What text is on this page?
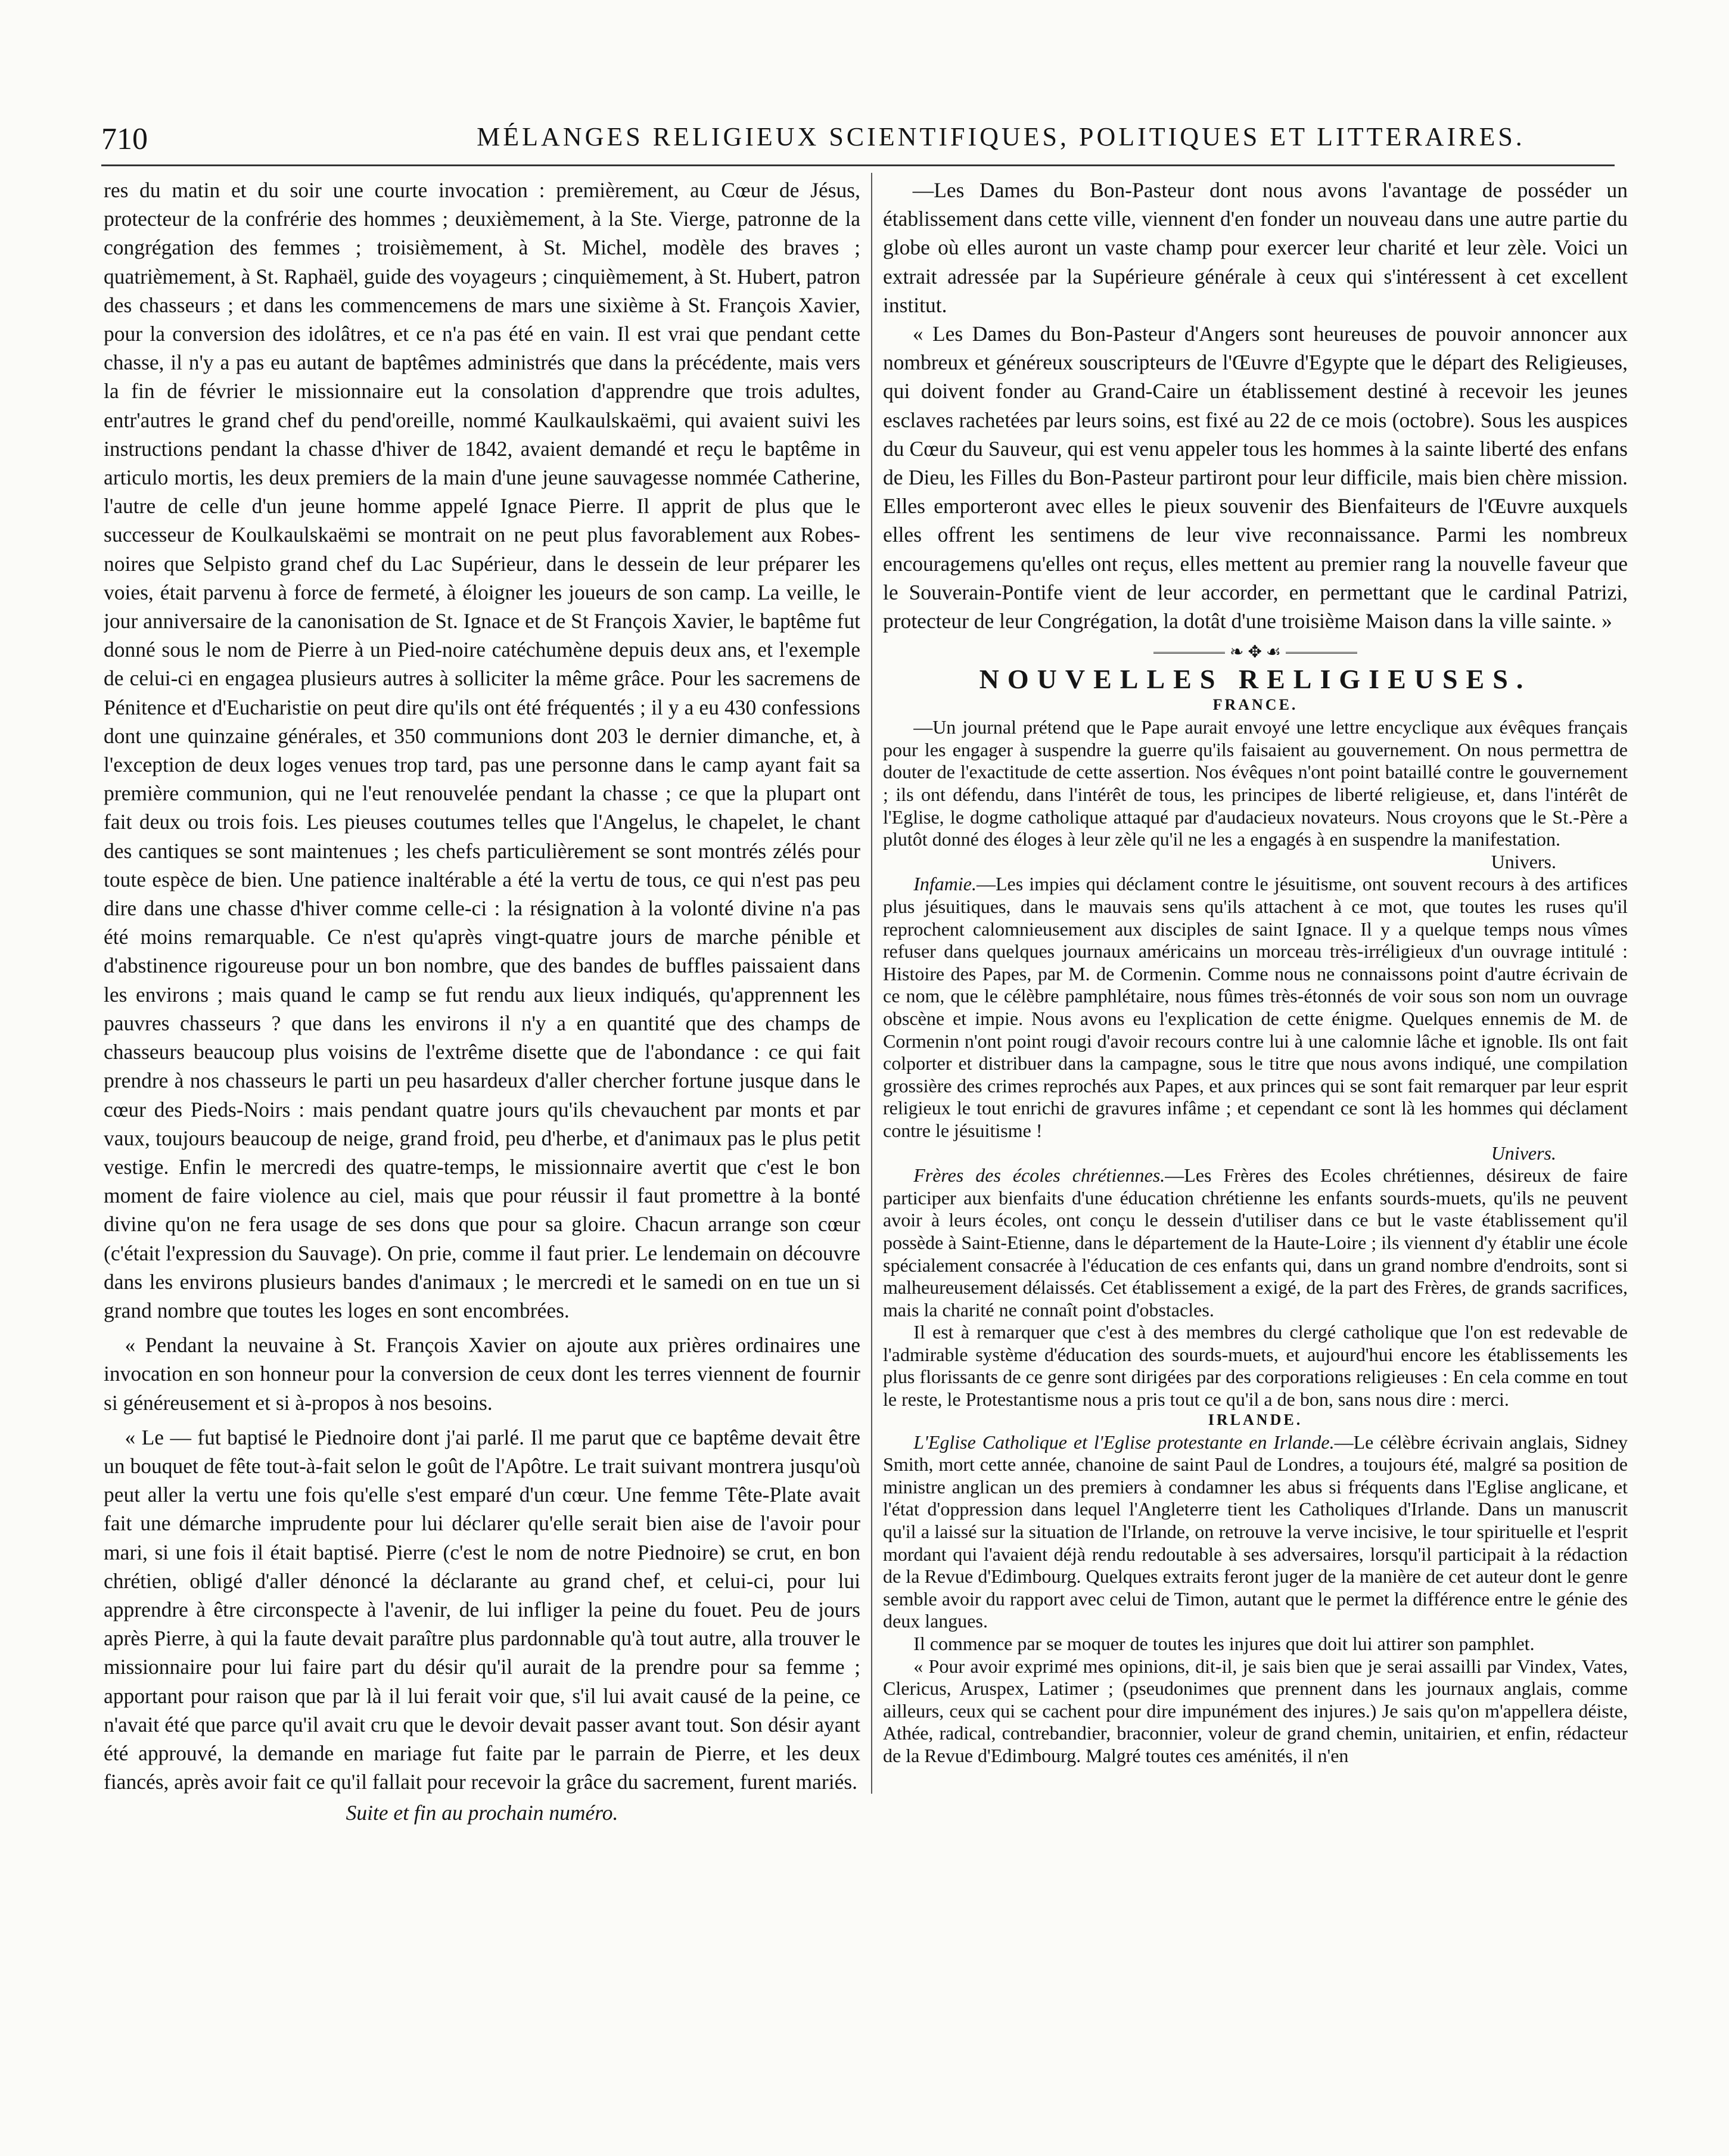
710	MÉLANGES RELIGIEUX SCIENTIFIQUES, POLITIQUES ET LITTERAIRES.

res du matin et du soir une courte invocation : premièrement, au Cœur de Jésus, protecteur de la confrérie des hommes ; deuxièmement, à la Ste. Vierge, patronne de la congrégation des femmes ; troisièmement, à St. Michel, modèle des braves ; quatrièmement, à St. Raphaël, guide des voyageurs ; cinquièmement, à St. Hubert, patron des chasseurs ; et dans les commencemens de mars une sixième à St. François Xavier, pour la conversion des idolâtres, et ce n'a pas été en vain. Il est vrai que pendant cette chasse, il n'y a pas eu autant de baptêmes administrés que dans la précédente, mais vers la fin de février le missionnaire eut la consolation d'apprendre que trois adultes, entr'autres le grand chef du pend'oreille, nommé Kaulkaulskaëmi, qui avaient suivi les instructions pendant la chasse d'hiver de 1842, avaient demandé et reçu le baptême in articulo mortis, les deux premiers de la main d'une jeune sauvagesse nommée Catherine, l'autre de celle d'un jeune homme appelé Ignace Pierre. Il apprit de plus que le successeur de Koulkaulskaëmi se montrait on ne peut plus favorablement aux Robes-noires que Selpisto grand chef du Lac Supérieur, dans le dessein de leur préparer les voies, était parvenu à force de fermeté, à éloigner les joueurs de son camp. La veille, le jour anniversaire de la canonisation de St. Ignace et de St François Xavier, le baptême fut donné sous le nom de Pierre à un Pied-noire catéchumène depuis deux ans, et l'exemple de celui-ci en engagea plusieurs autres à solliciter la même grâce. Pour les sacremens de Pénitence et d'Eucharistie on peut dire qu'ils ont été fréquentés ; il y a eu 430 confessions dont une quinzaine générales, et 350 communions dont 203 le dernier dimanche, et, à l'exception de deux loges venues trop tard, pas une personne dans le camp ayant fait sa première communion, qui ne l'eut renouvelée pendant la chasse ; ce que la plupart ont fait deux ou trois fois. Les pieuses coutumes telles que l'Angelus, le chapelet, le chant des cantiques se sont maintenues ; les chefs particulièrement se sont montrés zélés pour toute espèce de bien. Une patience inaltérable a été la vertu de tous, ce qui n'est pas peu dire dans une chasse d'hiver comme celle-ci : la résignation à la volonté divine n'a pas été moins remarquable. Ce n'est qu'après vingt-quatre jours de marche pénible et d'abstinence rigoureuse pour un bon nombre, que des bandes de buffles paissaient dans les environs ; mais quand le camp se fut rendu aux lieux indiqués, qu'apprennent les pauvres chasseurs ? que dans les environs il n'y a en quantité que des champs de chasseurs beaucoup plus voisins de l'extrême disette que de l'abondance : ce qui fait prendre à nos chasseurs le parti un peu hasardeux d'aller chercher fortune jusque dans le cœur des Pieds-Noirs : mais pendant quatre jours qu'ils chevauchent par monts et par vaux, toujours beaucoup de neige, grand froid, peu d'herbe, et d'animaux pas le plus petit vestige. Enfin le mercredi des quatre-temps, le missionnaire avertit que c'est le bon moment de faire violence au ciel, mais que pour réussir il faut promettre à la bonté divine qu'on ne fera usage de ses dons que pour sa gloire. Chacun arrange son cœur (c'était l'expression du Sauvage). On prie, comme il faut prier. Le lendemain on découvre dans les environs plusieurs bandes d'animaux ; le mercredi et le samedi on en tue un si grand nombre que toutes les loges en sont encombrées.

« Pendant la neuvaine à St. François Xavier on ajoute aux prières ordinaires une invocation en son honneur pour la conversion de ceux dont les terres viennent de fournir si généreusement et si à-propos à nos besoins.

« Le — fut baptisé le Piednoire dont j'ai parlé. Il me parut que ce baptême devait être un bouquet de fête tout-à-fait selon le goût de l'Apôtre. Le trait suivant montrera jusqu'où peut aller la vertu une fois qu'elle s'est emparé d'un cœur. Une femme Tête-Plate avait fait une démarche imprudente pour lui déclarer qu'elle serait bien aise de l'avoir pour mari, si une fois il était baptisé. Pierre (c'est le nom de notre Piednoire) se crut, en bon chrétien, obligé d'aller dénoncé la déclarante au grand chef, et celui-ci, pour lui apprendre à être circonspecte à l'avenir, de lui infliger la peine du fouet. Peu de jours après Pierre, à qui la faute devait paraître plus pardonnable qu'à tout autre, alla trouver le missionnaire pour lui faire part du désir qu'il aurait de la prendre pour sa femme ; apportant pour raison que par là il lui ferait voir que, s'il lui avait causé de la peine, ce n'avait été que parce qu'il avait cru que le devoir devait passer avant tout. Son désir ayant été approuvé, la demande en mariage fut faite par le parrain de Pierre, et les deux fiancés, après avoir fait ce qu'il fallait pour recevoir la grâce du sacrement, furent mariés.

Suite et fin au prochain numéro.

—Les Dames du Bon-Pasteur dont nous avons l'avantage de posséder un établissement dans cette ville, viennent d'en fonder un nouveau dans une autre partie du globe où elles auront un vaste champ pour exercer leur charité et leur zèle. Voici un extrait adressée par la Supérieure générale à ceux qui s'intéressent à cet excellent institut.

« Les Dames du Bon-Pasteur d'Angers sont heureuses de pouvoir annoncer aux nombreux et généreux souscripteurs de l'Œuvre d'Egypte que le départ des Religieuses, qui doivent fonder au Grand-Caire un établissement destiné à recevoir les jeunes esclaves rachetées par leurs soins, est fixé au 22 de ce mois (octobre). Sous les auspices du Cœur du Sauveur, qui est venu appeler tous les hommes à la sainte liberté des enfans de Dieu, les Filles du Bon-Pasteur partiront pour leur difficile, mais bien chère mission. Elles emporteront avec elles le pieux souvenir des Bienfaiteurs de l'Œuvre auxquels elles offrent les sentimens de leur vive reconnaissance. Parmi les nombreux encouragemens qu'elles ont reçus, elles mettent au premier rang la nouvelle faveur que le Souverain-Pontife vient de leur accorder, en permettant que le cardinal Patrizi, protecteur de leur Congrégation, la dotât d'une troisième Maison dans la ville sainte. »

❧ ✥ ☙
NOUVELLES RELIGIEUSES.
FRANCE.

—Un journal prétend que le Pape aurait envoyé une lettre encyclique aux évêques français pour les engager à suspendre la guerre qu'ils faisaient au gouvernement. On nous permettra de douter de l'exactitude de cette assertion. Nos évêques n'ont point bataillé contre le gouvernement ; ils ont défendu, dans l'intérêt de tous, les principes de liberté religieuse, et, dans l'intérêt de l'Eglise, le dogme catholique attaqué par d'audacieux novateurs. Nous croyons que le St.-Père a plutôt donné des éloges à leur zèle qu'il ne les a engagés à en suspendre la manifestation.

Univers.

Infamie.—Les impies qui déclament contre le jésuitisme, ont souvent recours à des artifices plus jésuitiques, dans le mauvais sens qu'ils attachent à ce mot, que toutes les ruses qu'il reprochent calomnieusement aux disciples de saint Ignace. Il y a quelque temps nous vîmes refuser dans quelques journaux américains un morceau très-irréligieux d'un ouvrage intitulé : Histoire des Papes, par M. de Cormenin. Comme nous ne connaissons point d'autre écrivain de ce nom, que le célèbre pamphlétaire, nous fûmes très-étonnés de voir sous son nom un ouvrage obscène et impie. Nous avons eu l'explication de cette énigme. Quelques ennemis de M. de Cormenin n'ont point rougi d'avoir recours contre lui à une calomnie lâche et ignoble. Ils ont fait colporter et distribuer dans la campagne, sous le titre que nous avons indiqué, une compilation grossière des crimes reprochés aux Papes, et aux princes qui se sont fait remarquer par leur esprit religieux le tout enrichi de gravures infâme ; et cependant ce sont là les hommes qui déclament contre le jésuitisme !

Univers.

Frères des écoles chrétiennes.—Les Frères des Ecoles chrétiennes, désireux de faire participer aux bienfaits d'une éducation chrétienne les enfants sourds-muets, qu'ils ne peuvent avoir à leurs écoles, ont conçu le dessein d'utiliser dans ce but le vaste établissement qu'il possède à Saint-Etienne, dans le département de la Haute-Loire ; ils viennent d'y établir une école spécialement consacrée à l'éducation de ces enfants qui, dans un grand nombre d'endroits, sont si malheureusement délaissés. Cet établissement a exigé, de la part des Frères, de grands sacrifices, mais la charité ne connaît point d'obstacles.

Il est à remarquer que c'est à des membres du clergé catholique que l'on est redevable de l'admirable système d'éducation des sourds-muets, et aujourd'hui encore les établissements les plus florissants de ce genre sont dirigées par des corporations religieuses : En cela comme en tout le reste, le Protestantisme nous a pris tout ce qu'il a de bon, sans nous dire : merci.

IRLANDE.

L'Eglise Catholique et l'Eglise protestante en Irlande.—Le célèbre écrivain anglais, Sidney Smith, mort cette année, chanoine de saint Paul de Londres, a toujours été, malgré sa position de ministre anglican un des premiers à condamner les abus si fréquents dans l'Eglise anglicane, et l'état d'oppression dans lequel l'Angleterre tient les Catholiques d'Irlande. Dans un manuscrit qu'il a laissé sur la situation de l'Irlande, on retrouve la verve incisive, le tour spirituelle et l'esprit mordant qui l'avaient déjà rendu redoutable à ses adversaires, lorsqu'il participait à la rédaction de la Revue d'Edimbourg. Quelques extraits feront juger de la manière de cet auteur dont le genre semble avoir du rapport avec celui de Timon, autant que le permet la différence entre le génie des deux langues.

Il commence par se moquer de toutes les injures que doit lui attirer son pamphlet.

« Pour avoir exprimé mes opinions, dit-il, je sais bien que je serai assailli par Vindex, Vates, Clericus, Aruspex, Latimer ; (pseudonimes que prennent dans les journaux anglais, comme ailleurs, ceux qui se cachent pour dire impunément des injures.) Je sais qu'on m'appellera déiste, Athée, radical, contrebandier, braconnier, voleur de grand chemin, unitairien, et enfin, rédacteur de la Revue d'Edimbourg. Malgré toutes ces aménités, il n'en
